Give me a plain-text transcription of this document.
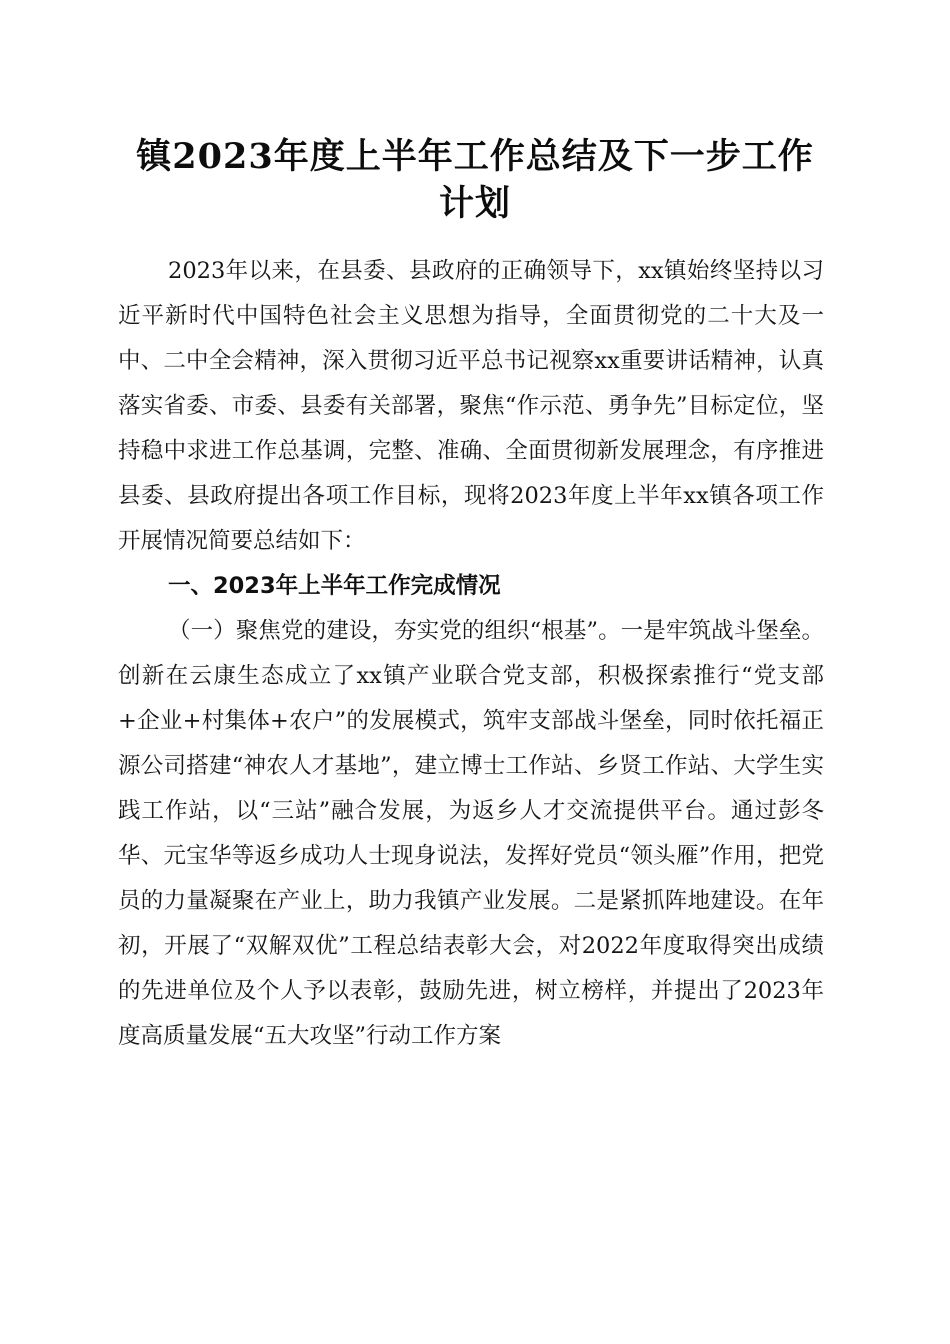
镇2023年度上半年工作总结及下一步工作计划

2023年以来，在县委、县政府的正确领导下，xx镇始终坚持以习近平新时代中国特色社会主义思想为指导，全面贯彻党的二十大及一中、二中全会精神，深入贯彻习近平总书记视察xx重要讲话精神，认真落实省委、市委、县委有关部署，聚焦“作示范、勇争先”目标定位，坚持稳中求进工作总基调，完整、准确、全面贯彻新发展理念，有序推进县委、县政府提出各项工作目标，现将2023年度上半年xx镇各项工作开展情况简要总结如下：

一、2023年上半年工作完成情况

（一）聚焦党的建设，夯实党的组织“根基”。一是牢筑战斗堡垒。创新在云康生态成立了xx镇产业联合党支部，积极探索推行“党支部+企业+村集体+农户”的发展模式，筑牢支部战斗堡垒，同时依托福正源公司搭建“神农人才基地”，建立博士工作站、乡贤工作站、大学生实践工作站，以“三站”融合发展，为返乡人才交流提供平台。通过彭冬华、元宝华等返乡成功人士现身说法，发挥好党员“领头雁”作用，把党员的力量凝聚在产业上，助力我镇产业发展。二是紧抓阵地建设。在年初，开展了“双解双优”工程总结表彰大会，对2022年度取得突出成绩的先进单位及个人予以表彰，鼓励先进，树立榜样，并提出了2023年度高质量发展“五大攻坚”行动工作方案
